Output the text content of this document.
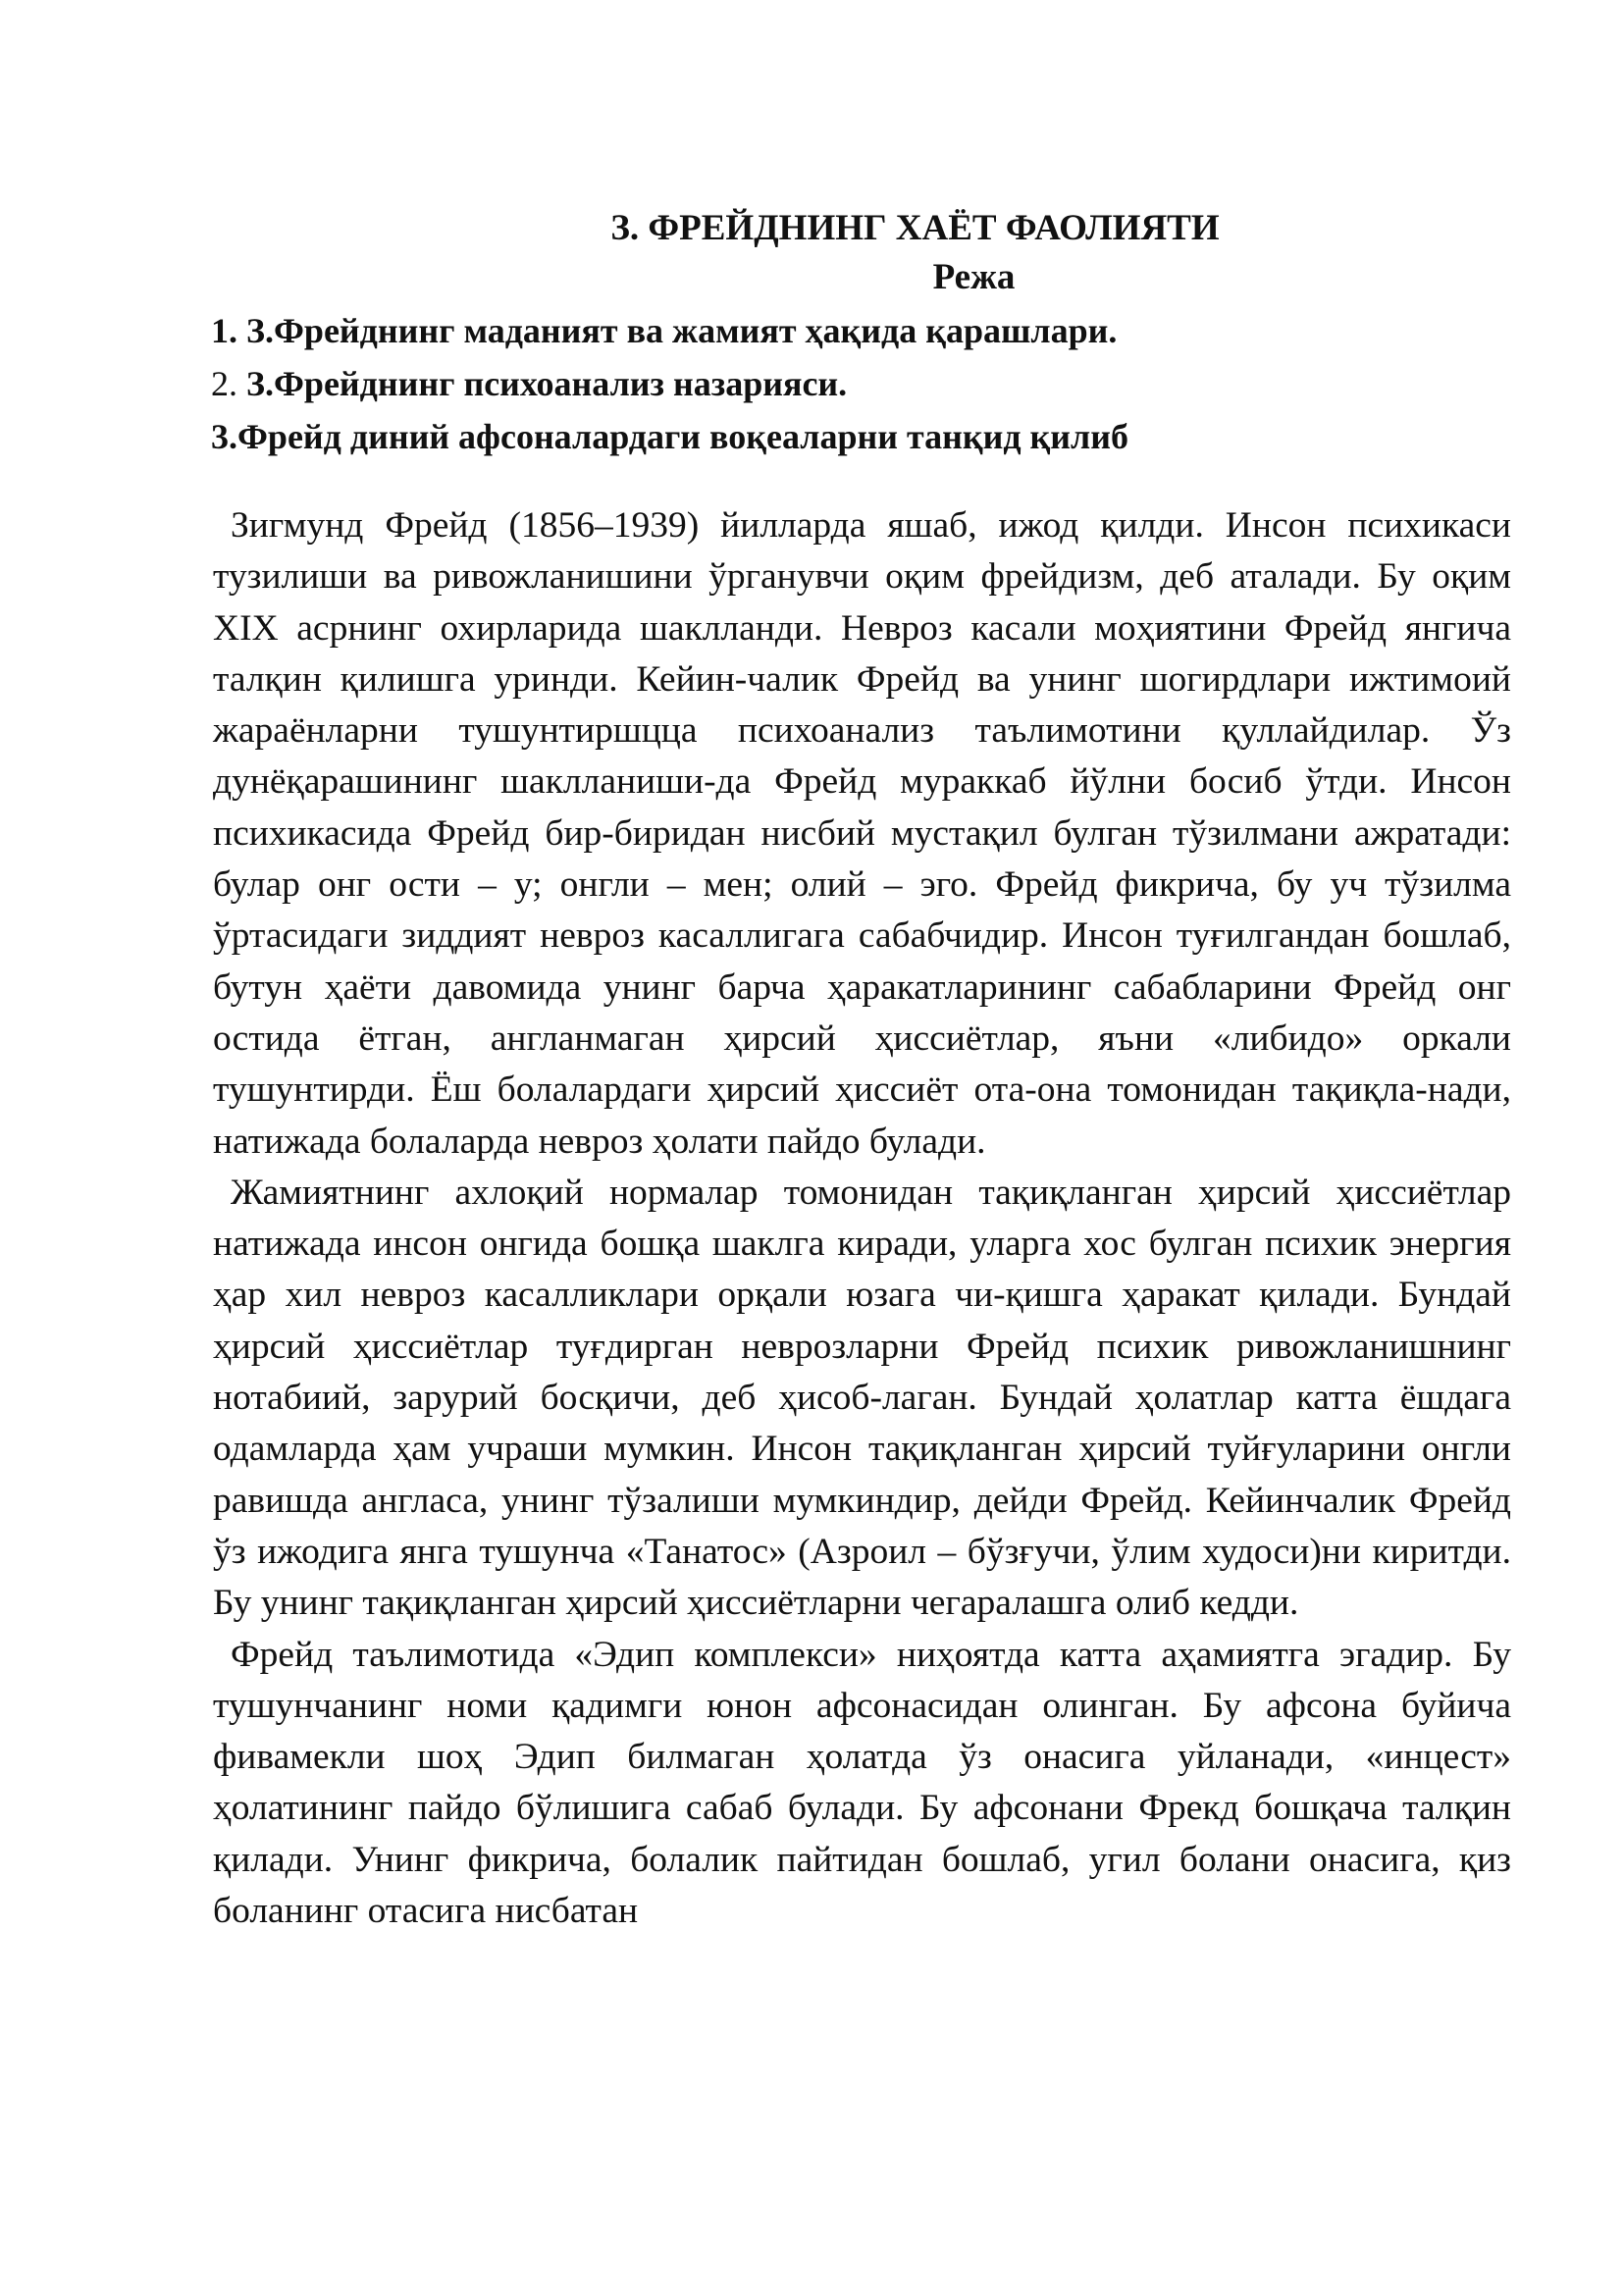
З. ФРЕЙДНИНГ ХАЁТ ФАОЛИЯТИ
Режа
1. З.Фрейднинг маданият ва жамият ҳақида қарашлари.
2. З.Фрейднинг психоанализ назарияси.
3.Фрейд диний афсоналардаги воқеаларни танқид қилиб

Зигмунд Фрейд (1856–1939) йилларда яшаб, ижод қилди. Инсон психикаси тузилиши ва ривожланишини ўрганувчи оқим фрейдизм, деб аталади. Бу оқим XIX асрнинг охирларида шаклланди. Невроз касали моҳиятини Фрейд янгича талқин қилишга уринди. Кейин-чалик Фрейд ва унинг шогирдлари ижтимоий жараёнларни тушунтиршцца психоанализ таълимотини қуллайдилар. Ўз дунёқарашининг шаклланиши-да Фрейд мураккаб йўлни босиб ўтди. Инсон психикасида Фрейд бир-биридан нисбий мустақил булган тўзилмани ажратади: булар онг ости – у; онгли – мен; олий – эго. Фрейд фикрича, бу уч тўзилма ўртасидаги зиддият невроз касаллигага сабабчидир. Инсон туғилгандан бошлаб, бутун ҳаёти давомида унинг барча ҳаракатларининг сабабларини Фрейд онг остида ётган, англанмаган ҳирсий ҳиссиётлар, яъни «либидо» оркали тушунтирди. Ёш болалардаги ҳирсий ҳиссиёт ота-она томонидан тақиқла-нади, натижада болаларда невроз ҳолати пайдо булади.

Жамиятнинг ахлоқий нормалар томонидан тақиқланган ҳирсий ҳиссиётлар натижада инсон онгида бошқа шаклга киради, уларга хос булган психик энергия ҳар хил невроз касалликлари орқали юзага чи-қишга ҳаракат қилади. Бундай ҳирсий ҳиссиётлар туғдирган неврозларни Фрейд психик ривожланишнинг нотабиий, зарурий босқичи, деб ҳисоб-лаган. Бундай ҳолатлар катта ёшдага одамларда ҳам учраши мумкин. Инсон тақиқланган ҳирсий туйғуларини онгли равишда англаса, унинг тўзалиши мумкиндир, дейди Фрейд. Кейинчалик Фрейд ўз ижодига янга тушунча «Танатос» (Азроил – бўзғучи, ўлим худоси)ни киритди. Бу унинг тақиқланган ҳирсий ҳиссиётларни чегаралашга олиб кедди.

Фрейд таълимотида «Эдип комплекси» ниҳоятда катта аҳамиятга эгадир. Бу тушунчанинг номи қадимги юнон афсонасидан олинган. Бу афсона буйича фивамекли шоҳ Эдип билмаган ҳолатда ўз онасига уйланади, «инцест» ҳолатининг пайдо бўлишига сабаб булади. Бу афсонани Фрекд бошқача талқин қилади. Унинг фикрича, болалик пайтидан бошлаб, угил болани онасига, қиз боланинг отасига нисбатан
